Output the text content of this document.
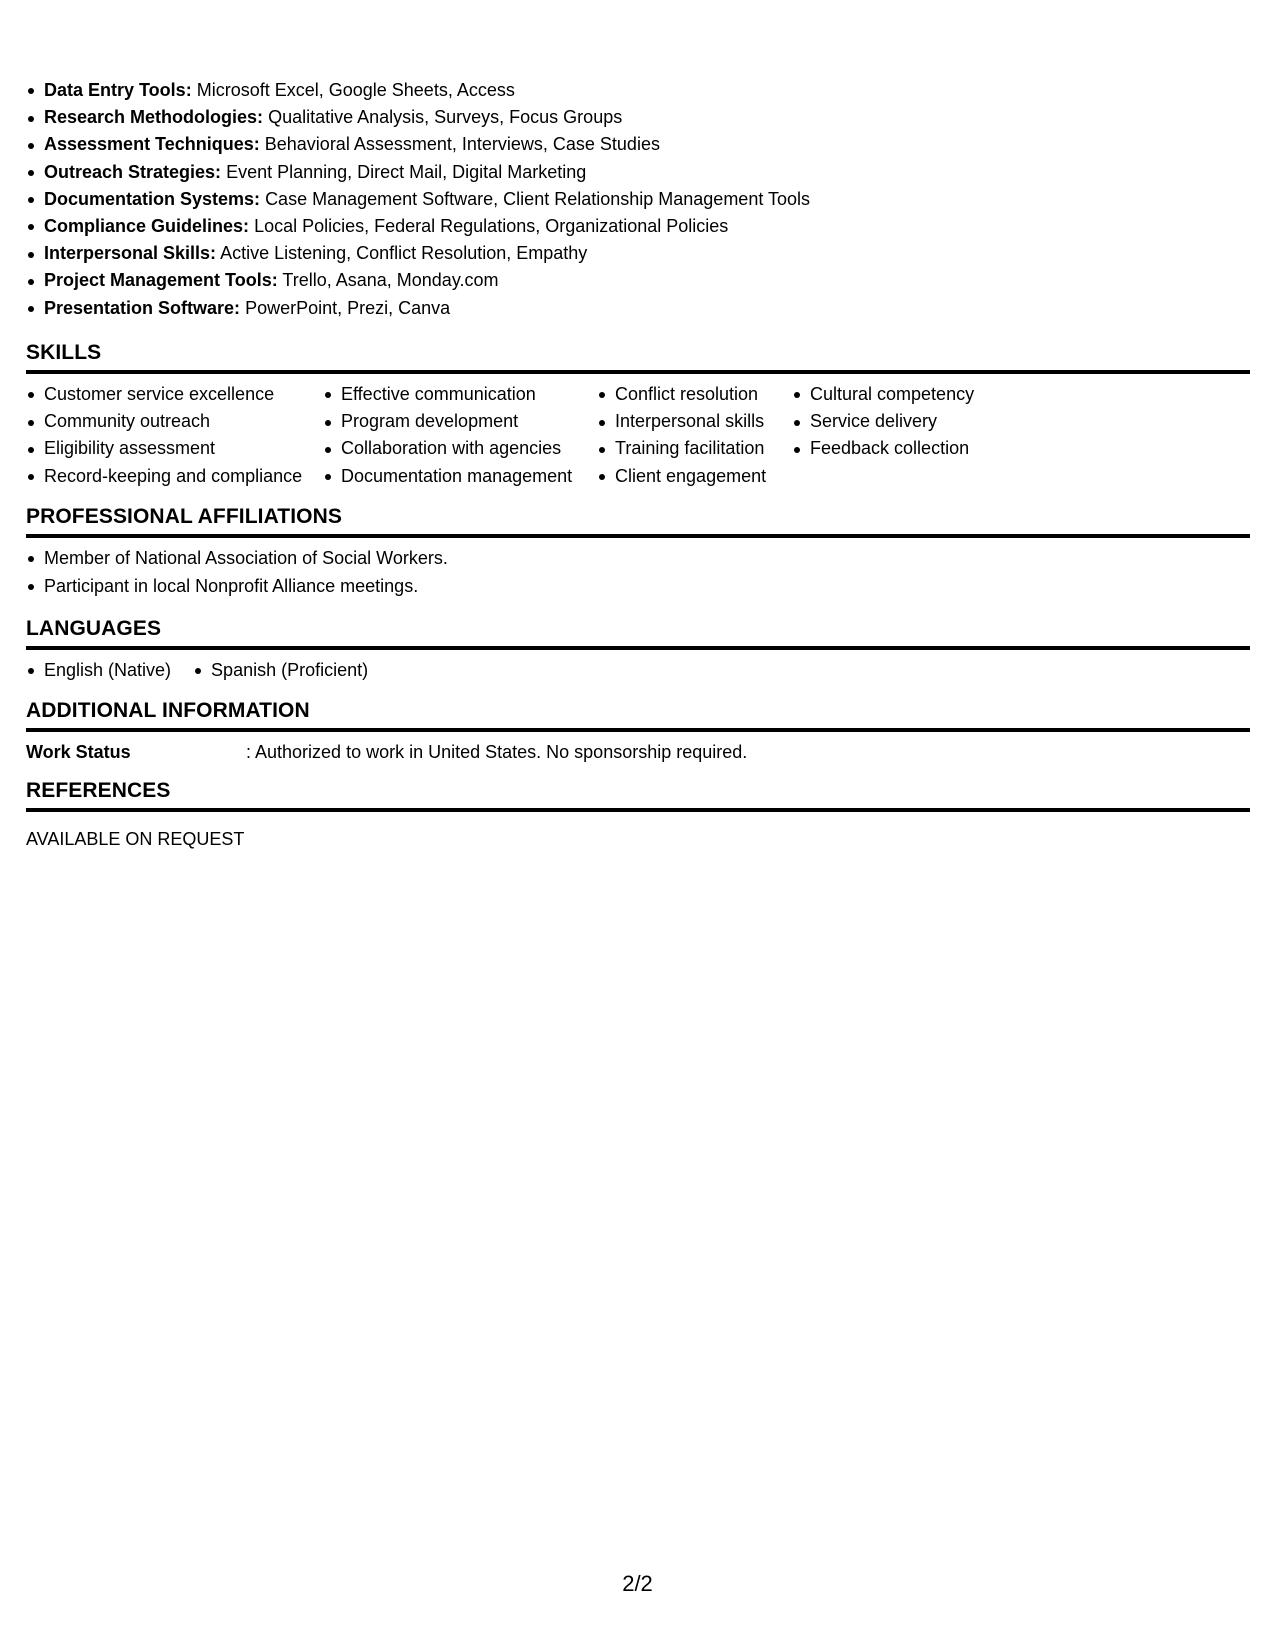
Data Entry Tools: Microsoft Excel, Google Sheets, Access
Research Methodologies: Qualitative Analysis, Surveys, Focus Groups
Assessment Techniques: Behavioral Assessment, Interviews, Case Studies
Outreach Strategies: Event Planning, Direct Mail, Digital Marketing
Documentation Systems: Case Management Software, Client Relationship Management Tools
Compliance Guidelines: Local Policies, Federal Regulations, Organizational Policies
Interpersonal Skills: Active Listening, Conflict Resolution, Empathy
Project Management Tools: Trello, Asana, Monday.com
Presentation Software: PowerPoint, Prezi, Canva
SKILLS
Customer service excellence
Community outreach
Eligibility assessment
Record-keeping and compliance
Effective communication
Program development
Collaboration with agencies
Documentation management
Conflict resolution
Interpersonal skills
Training facilitation
Client engagement
Cultural competency
Service delivery
Feedback collection
PROFESSIONAL AFFILIATIONS
Member of National Association of Social Workers.
Participant in local Nonprofit Alliance meetings.
LANGUAGES
English (Native) Spanish (Proficient)
ADDITIONAL INFORMATION
Work Status	: Authorized to work in United States. No sponsorship required.
REFERENCES
AVAILABLE ON REQUEST
2/2
